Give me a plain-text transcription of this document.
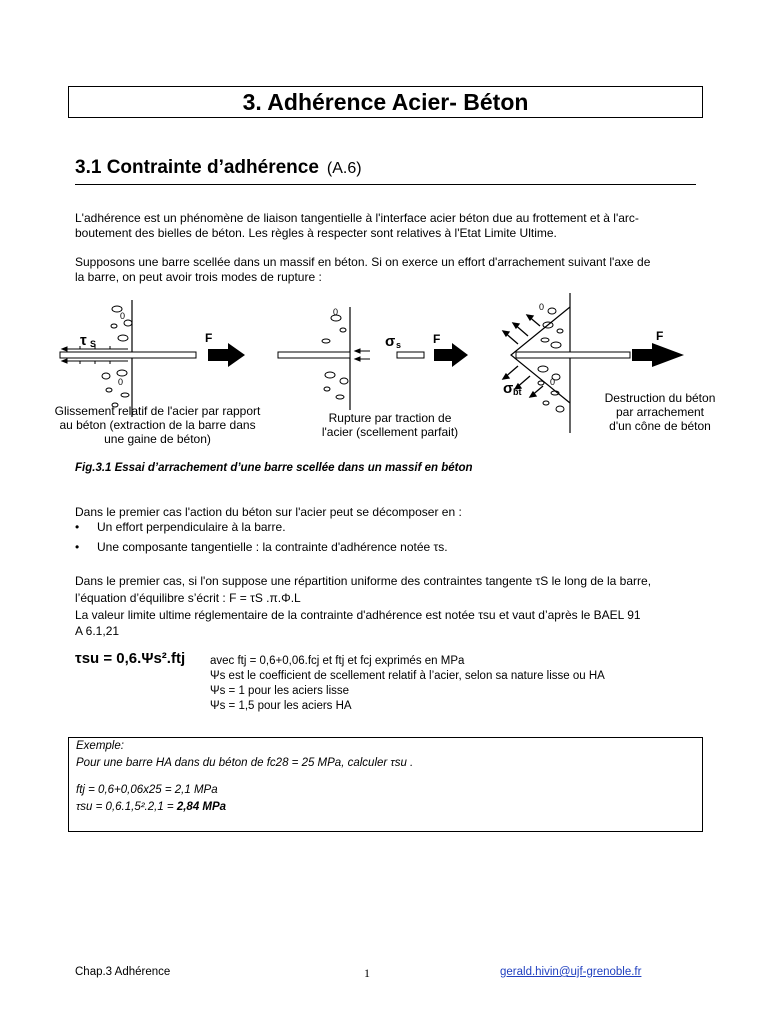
3. Adhérence Acier- Béton
3.1 Contrainte d’adhérence (A.6)
L'adhérence est un phénomène de liaison tangentielle à l'interface acier béton due au frottement et à l'arc-
boutement des bielles de béton. Les règles à respecter sont relatives à l'Etat Limite Ultime.
Supposons une barre scellée dans un massif en béton. Si on exerce un effort d'arrachement suivant l'axe de
la barre, on peut avoir trois modes de rupture :
F
τ S
0
0
F
σ s
0
F
0
0
σ bt
Glissement relatif de l'acier par rapport
au béton (extraction de la barre dans
une gaine de béton)
Rupture par traction de
l'acier (scellement parfait)
Destruction du béton
par arrachement
d'un cône de béton
Fig.3.1 Essai d’arrachement d’une barre scellée dans un massif en béton
Dans le premier cas l'action du béton sur l'acier peut se décomposer en :
• Un effort perpendiculaire à la barre.
• Une composante tangentielle : la contrainte d'adhérence notée τs.
Dans le premier cas, si l'on suppose une répartition uniforme des contraintes tangente τS le long de la barre,
l’équation d’équilibre s’écrit : F = τS .π.Φ.L
La valeur limite ultime réglementaire de la contrainte d'adhérence est notée τsu et vaut d’après le BAEL 91
A 6.1,21
τsu = 0,6.Ψs².ftj avec ftj = 0,6+0,06.fcj et ftj et fcj exprimés en MPa
Ψs est le coefficient de scellement relatif à l’acier, selon sa nature lisse ou HA
Ψs = 1 pour les aciers lisse
Ψs = 1,5 pour les aciers HA
Exemple:
Pour une barre HA dans du béton de fc28 = 25 MPa, calculer τsu .
ftj = 0,6+0,06x25 = 2,1 MPa
τsu = 0,6.1,5².2,1 = 2,84 MPa
Chap.3 Adhérence	1	gerald.hivin@ujf-grenoble.fr
